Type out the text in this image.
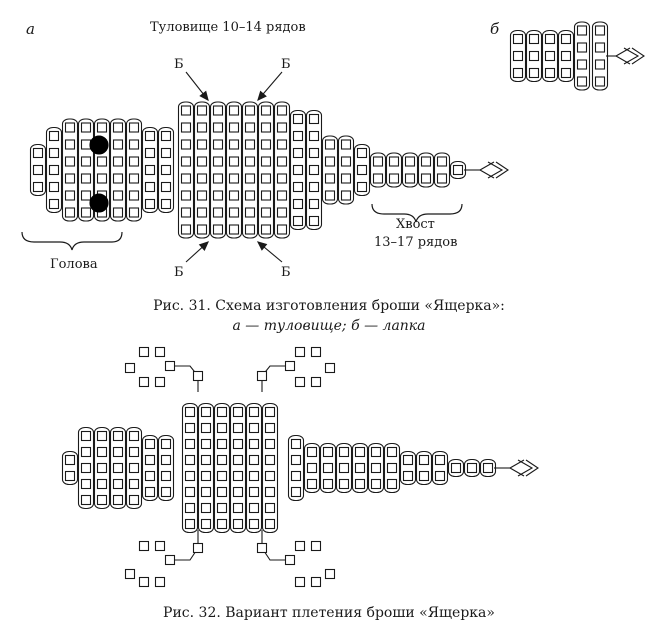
а	б
Туловище 10–14 рядов
Б	Б
Б	Б
Голова
Хвост
13–17 рядов
Рис. 31. Схема изготовления броши «Ящерка»:
а — туловище; б — лапка
Рис. 32. Вариант плетения броши «Ящерка»
